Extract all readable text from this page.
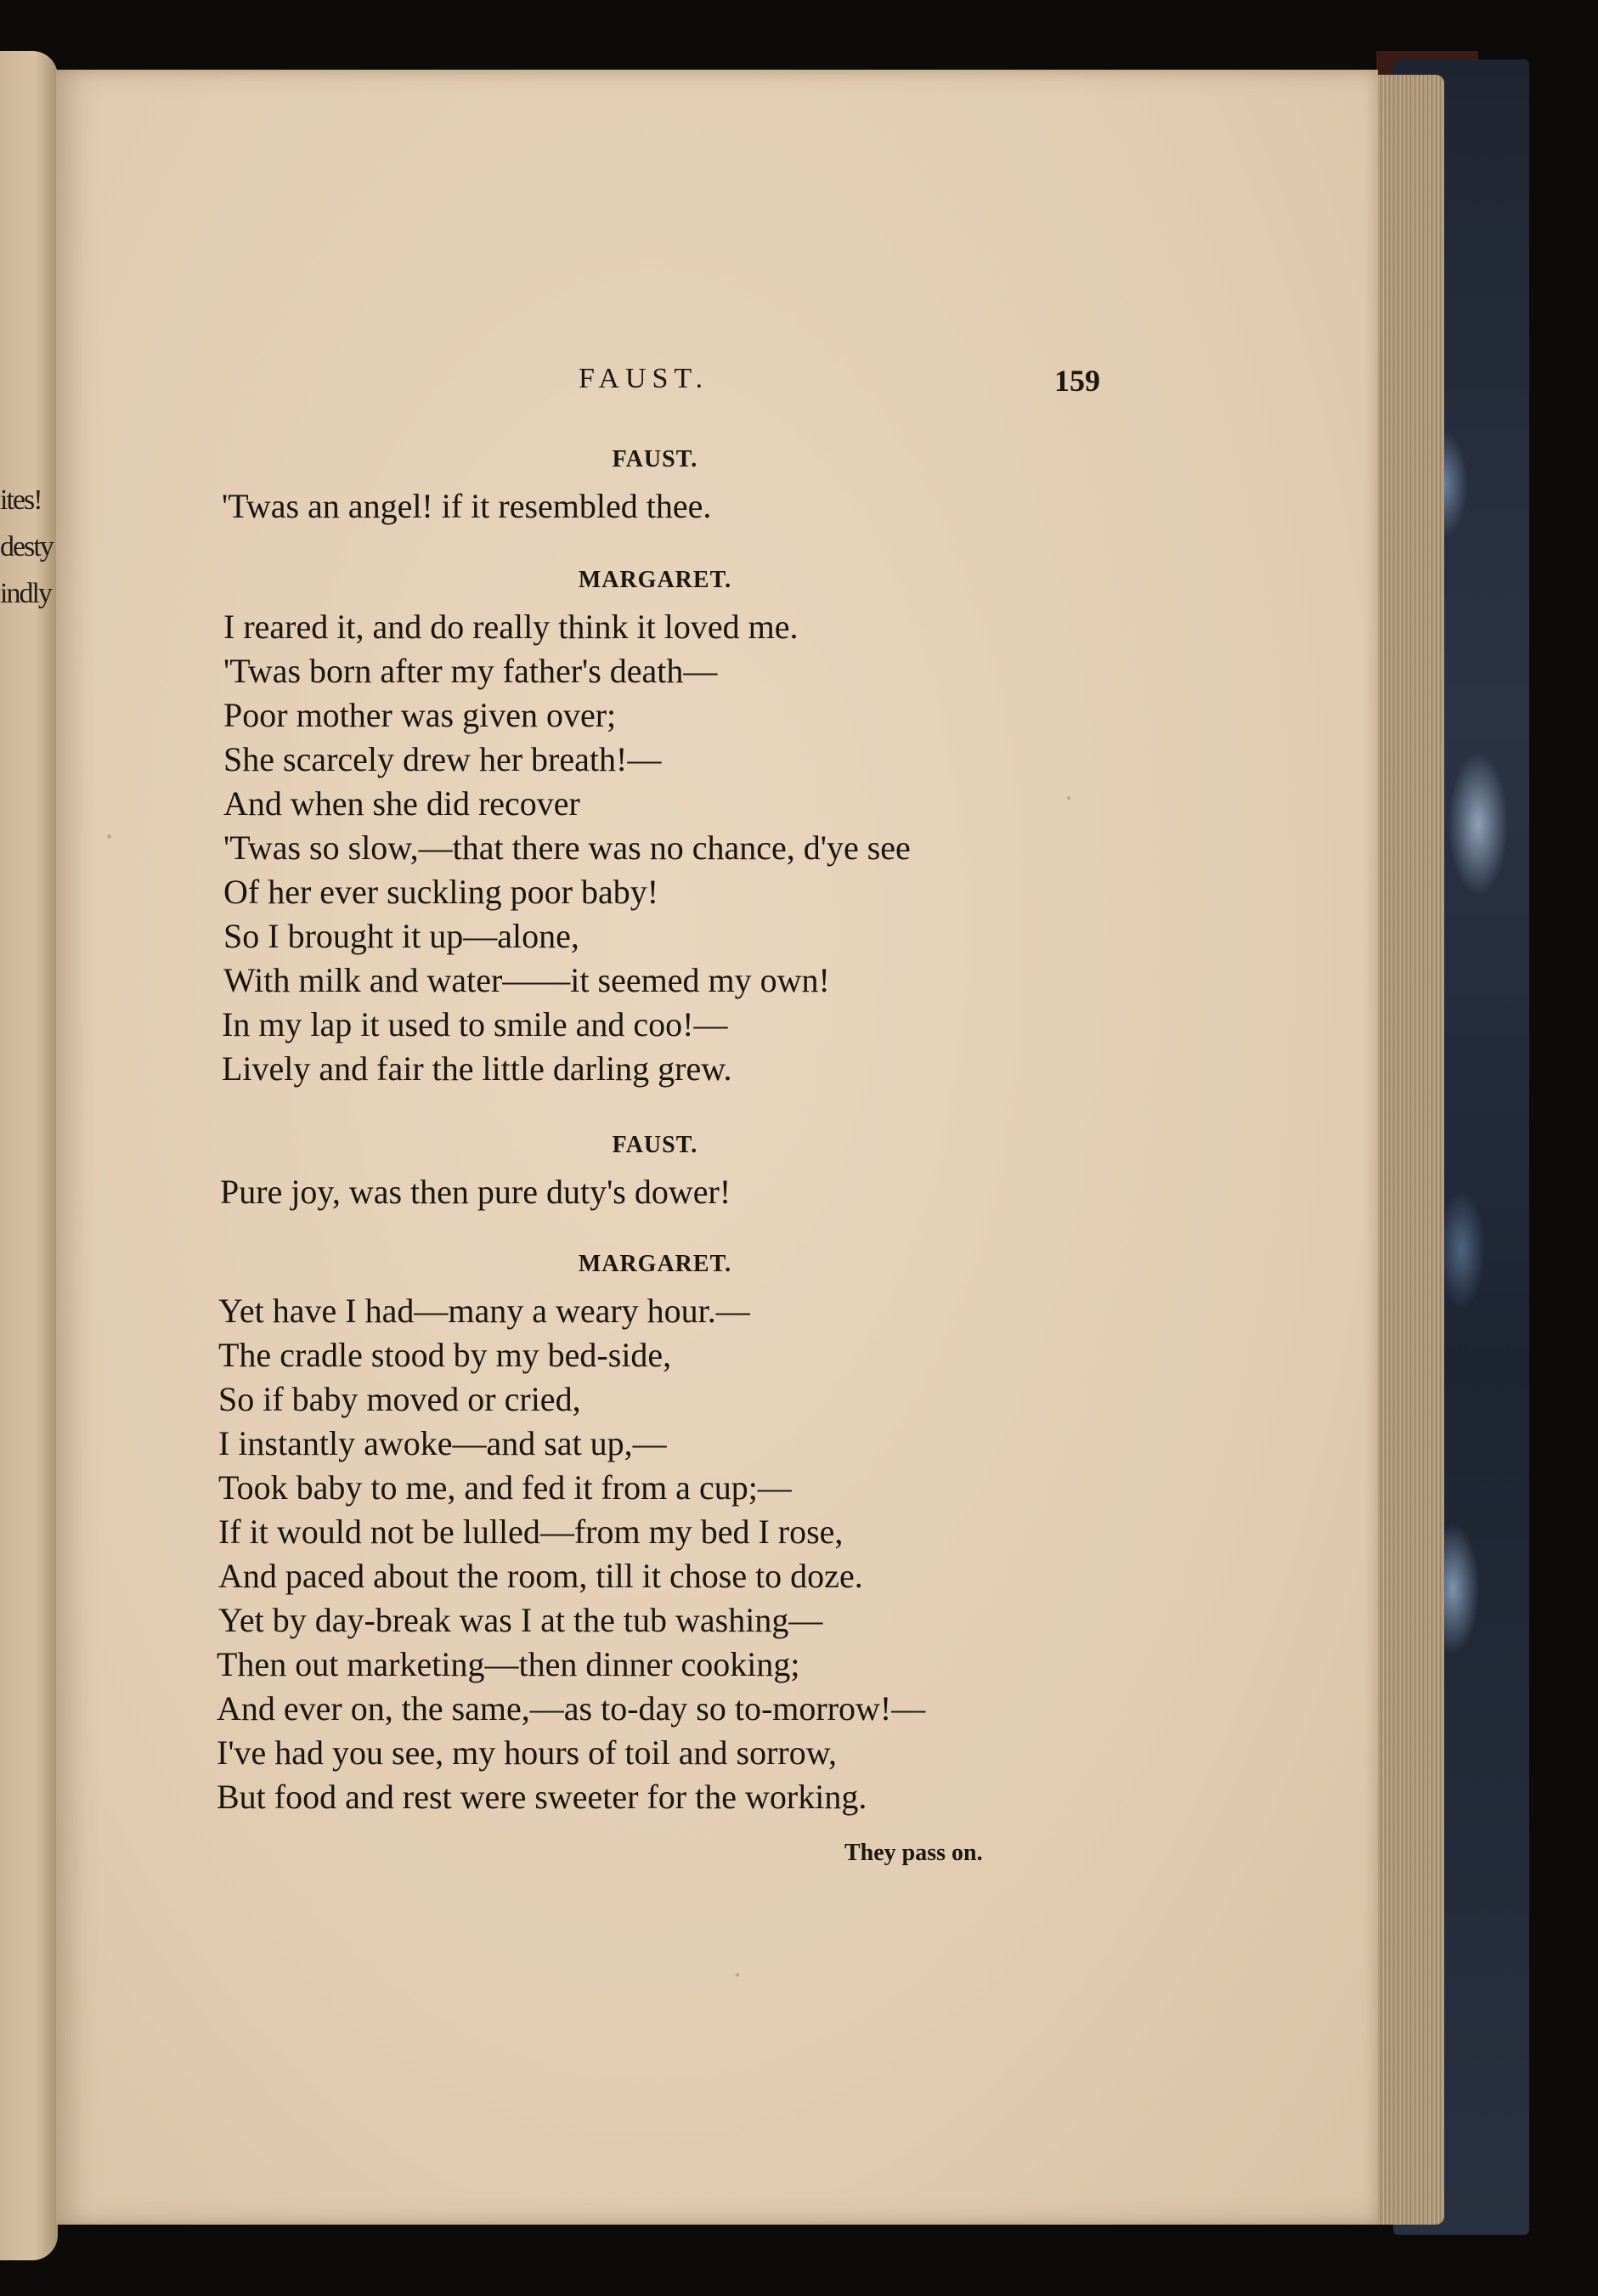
ites!
desty
indly
FAUST.	159
FAUST.
'Twas an angel! if it resembled thee.
MARGARET.
I reared it, and do really think it loved me.
'Twas born after my father's death—
Poor mother was given over;
She scarcely drew her breath!—
And when she did recover
'Twas so slow,—that there was no chance, d'ye see
Of her ever suckling poor baby!
So I brought it up—alone,
With milk and water——it seemed my own!
In my lap it used to smile and coo!—
Lively and fair the little darling grew.
FAUST.
Pure joy, was then pure duty's dower!
MARGARET.
Yet have I had—many a weary hour.—
The cradle stood by my bed-side,
So if baby moved or cried,
I instantly awoke—and sat up,—
Took baby to me, and fed it from a cup;—
If it would not be lulled—from my bed I rose,
And paced about the room, till it chose to doze.
Yet by day-break was I at the tub washing—
Then out marketing—then dinner cooking;
And ever on, the same,—as to-day so to-morrow!—
I've had you see, my hours of toil and sorrow,
But food and rest were sweeter for the working.
They pass on.
